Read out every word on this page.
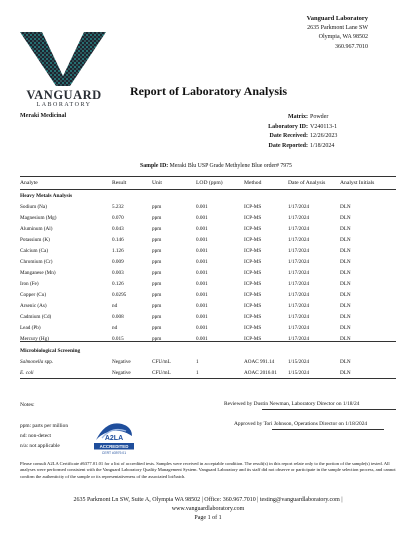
VANGUARD
LABORATORY
Report of Laboratory Analysis
Vanguard Laboratory
2635 Parkmont Lane SW
Olympia, WA 98502
360.967.7010
Meraki Medicinal	Matrix: Powder
Laboratory ID: V240113-1
Date Received: 12/26/2023
Date Reported: 1/18/2024
Sample ID: Meraki Blu USP Grade Methylene Blue order# 7975
Analyte	Result	Unit	LOD (ppm)	Method	Date of Analysis	Analyst Initials
Heavy Metals Analysis						
Sodium (Na)	5.232	ppm	0.001	ICP-MS	1/17/2024	DLN
Magnesium (Mg)	0.070	ppm	0.001	ICP-MS	1/17/2024	DLN
Aluminum (Al)	0.043	ppm	0.001	ICP-MS	1/17/2024	DLN
Potassium (K)	0.146	ppm	0.001	ICP-MS	1/17/2024	DLN
Calcium (Ca)	1.126	ppm	0.001	ICP-MS	1/17/2024	DLN
Chromium (Cr)	0.009	ppm	0.001	ICP-MS	1/17/2024	DLN
Manganese (Mn)	0.003	ppm	0.001	ICP-MS	1/17/2024	DLN
Iron (Fe)	0.126	ppm	0.001	ICP-MS	1/17/2024	DLN
Copper (Cu)	0.0295	ppm	0.001	ICP-MS	1/17/2024	DLN
Arsenic (As)	nd	ppm	0.001	ICP-MS	1/17/2024	DLN
Cadmium (Cd)	0.008	ppm	0.001	ICP-MS	1/17/2024	DLN
Lead (Pb)	nd	ppm	0.001	ICP-MS	1/17/2024	DLN
Mercury (Hg)	0.015	ppm	0.001	ICP-MS	1/17/2024	DLN
Microbiological Screening						
Salmonella spp.	Negative	CFU/mL	1	AOAC 991.14	1/15/2024	DLN
E. coli	Negative	CFU/mL	1	AOAC 2016.01	1/15/2024	DLN
Notes:
ppm: parts per million
nd: non-detect
n/a: not applicable
A2LA
ACCREDITED
CERT #3979.01
Reviewed by Dustin Newman, Laboratory Director on 1/18/24
Approved by Tori Johnson, Operations Director on 1/18/2024
Please consult A2LA Certificate #6377.01.01 for a list of accredited tests. Samples were received in acceptable condition. The result(s) in this report relate only to the portion of the sample(s) tested. All analyses were performed consistent with the Vanguard Laboratory Quality Management System. Vanguard Laboratory and its staff did not observe or participate in the sample selection process, and cannot confirm the authenticity of the sample or its representativeness of the associated lot/batch.
2635 Parkmont Ln SW, Suite A, Olympia WA 98502 | Office: 360.967.7010 | testing@vanguardlaboratory.com |
www.vanguardlaboratory.com
Page 1 of 1
